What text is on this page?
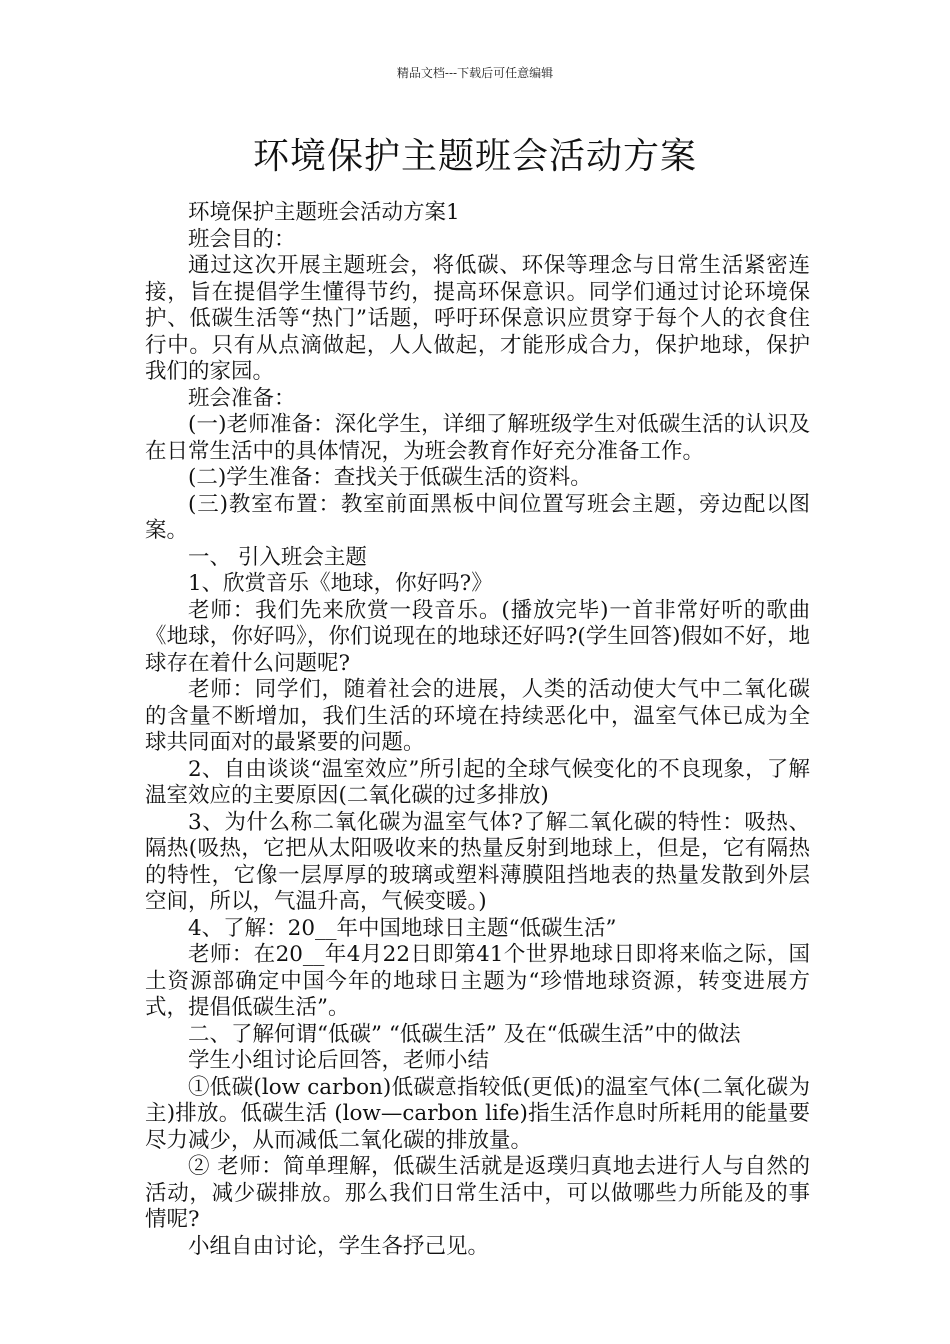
精品文档---下载后可任意编辑
环境保护主题班会活动方案

环境保护主题班会活动方案1

班会目的：

通过这次开展主题班会，将低碳、环保等理念与日常生活紧密连接，旨在提倡学生懂得节约，提高环保意识。同学们通过讨论环境保护、低碳生活等“热门”话题，呼吁环保意识应贯穿于每个人的衣食住行中。只有从点滴做起，人人做起，才能形成合力，保护地球，保护我们的家园。

班会准备：

(一)老师准备：深化学生，详细了解班级学生对低碳生活的认识及在日常生活中的具体情况，为班会教育作好充分准备工作。

(二)学生准备：查找关于低碳生活的资料。

(三)教室布置：教室前面黑板中间位置写班会主题，旁边配以图案。

一、 引入班会主题

1、欣赏音乐《地球，你好吗?》

老师：我们先来欣赏一段音乐。(播放完毕)一首非常好听的歌曲《地球，你好吗》，你们说现在的地球还好吗?(学生回答)假如不好，地球存在着什么问题呢?

老师：同学们，随着社会的进展，人类的活动使大气中二氧化碳的含量不断增加，我们生活的环境在持续恶化中，温室气体已成为全球共同面对的最紧要的问题。

2、自由谈谈“温室效应”所引起的全球气候变化的不良现象，了解温室效应的主要原因(二氧化碳的过多排放)

3、为什么称二氧化碳为温室气体?了解二氧化碳的特性：吸热、隔热(吸热，它把从太阳吸收来的热量反射到地球上，但是，它有隔热的特性，它像一层厚厚的玻璃或塑料薄膜阻挡地表的热量发散到外层空间，所以，气温升高，气候变暖。)

4、了解：20__年中国地球日主题“低碳生活”

老师：在20__年4月22日即第41个世界地球日即将来临之际，国土资源部确定中国今年的地球日主题为“珍惜地球资源，转变进展方式，提倡低碳生活”。

二、了解何谓“低碳” “低碳生活” 及在“低碳生活”中的做法

学生小组讨论后回答，老师小结

①低碳(low carbon)低碳意指较低(更低)的温室气体(二氧化碳为主)排放。低碳生活 (low—carbon life)指生活作息时所耗用的能量要尽力减少，从而减低二氧化碳的排放量。

② 老师：简单理解，低碳生活就是返璞归真地去进行人与自然的活动，减少碳排放。那么我们日常生活中，可以做哪些力所能及的事情呢?

小组自由讨论，学生各抒己见。
